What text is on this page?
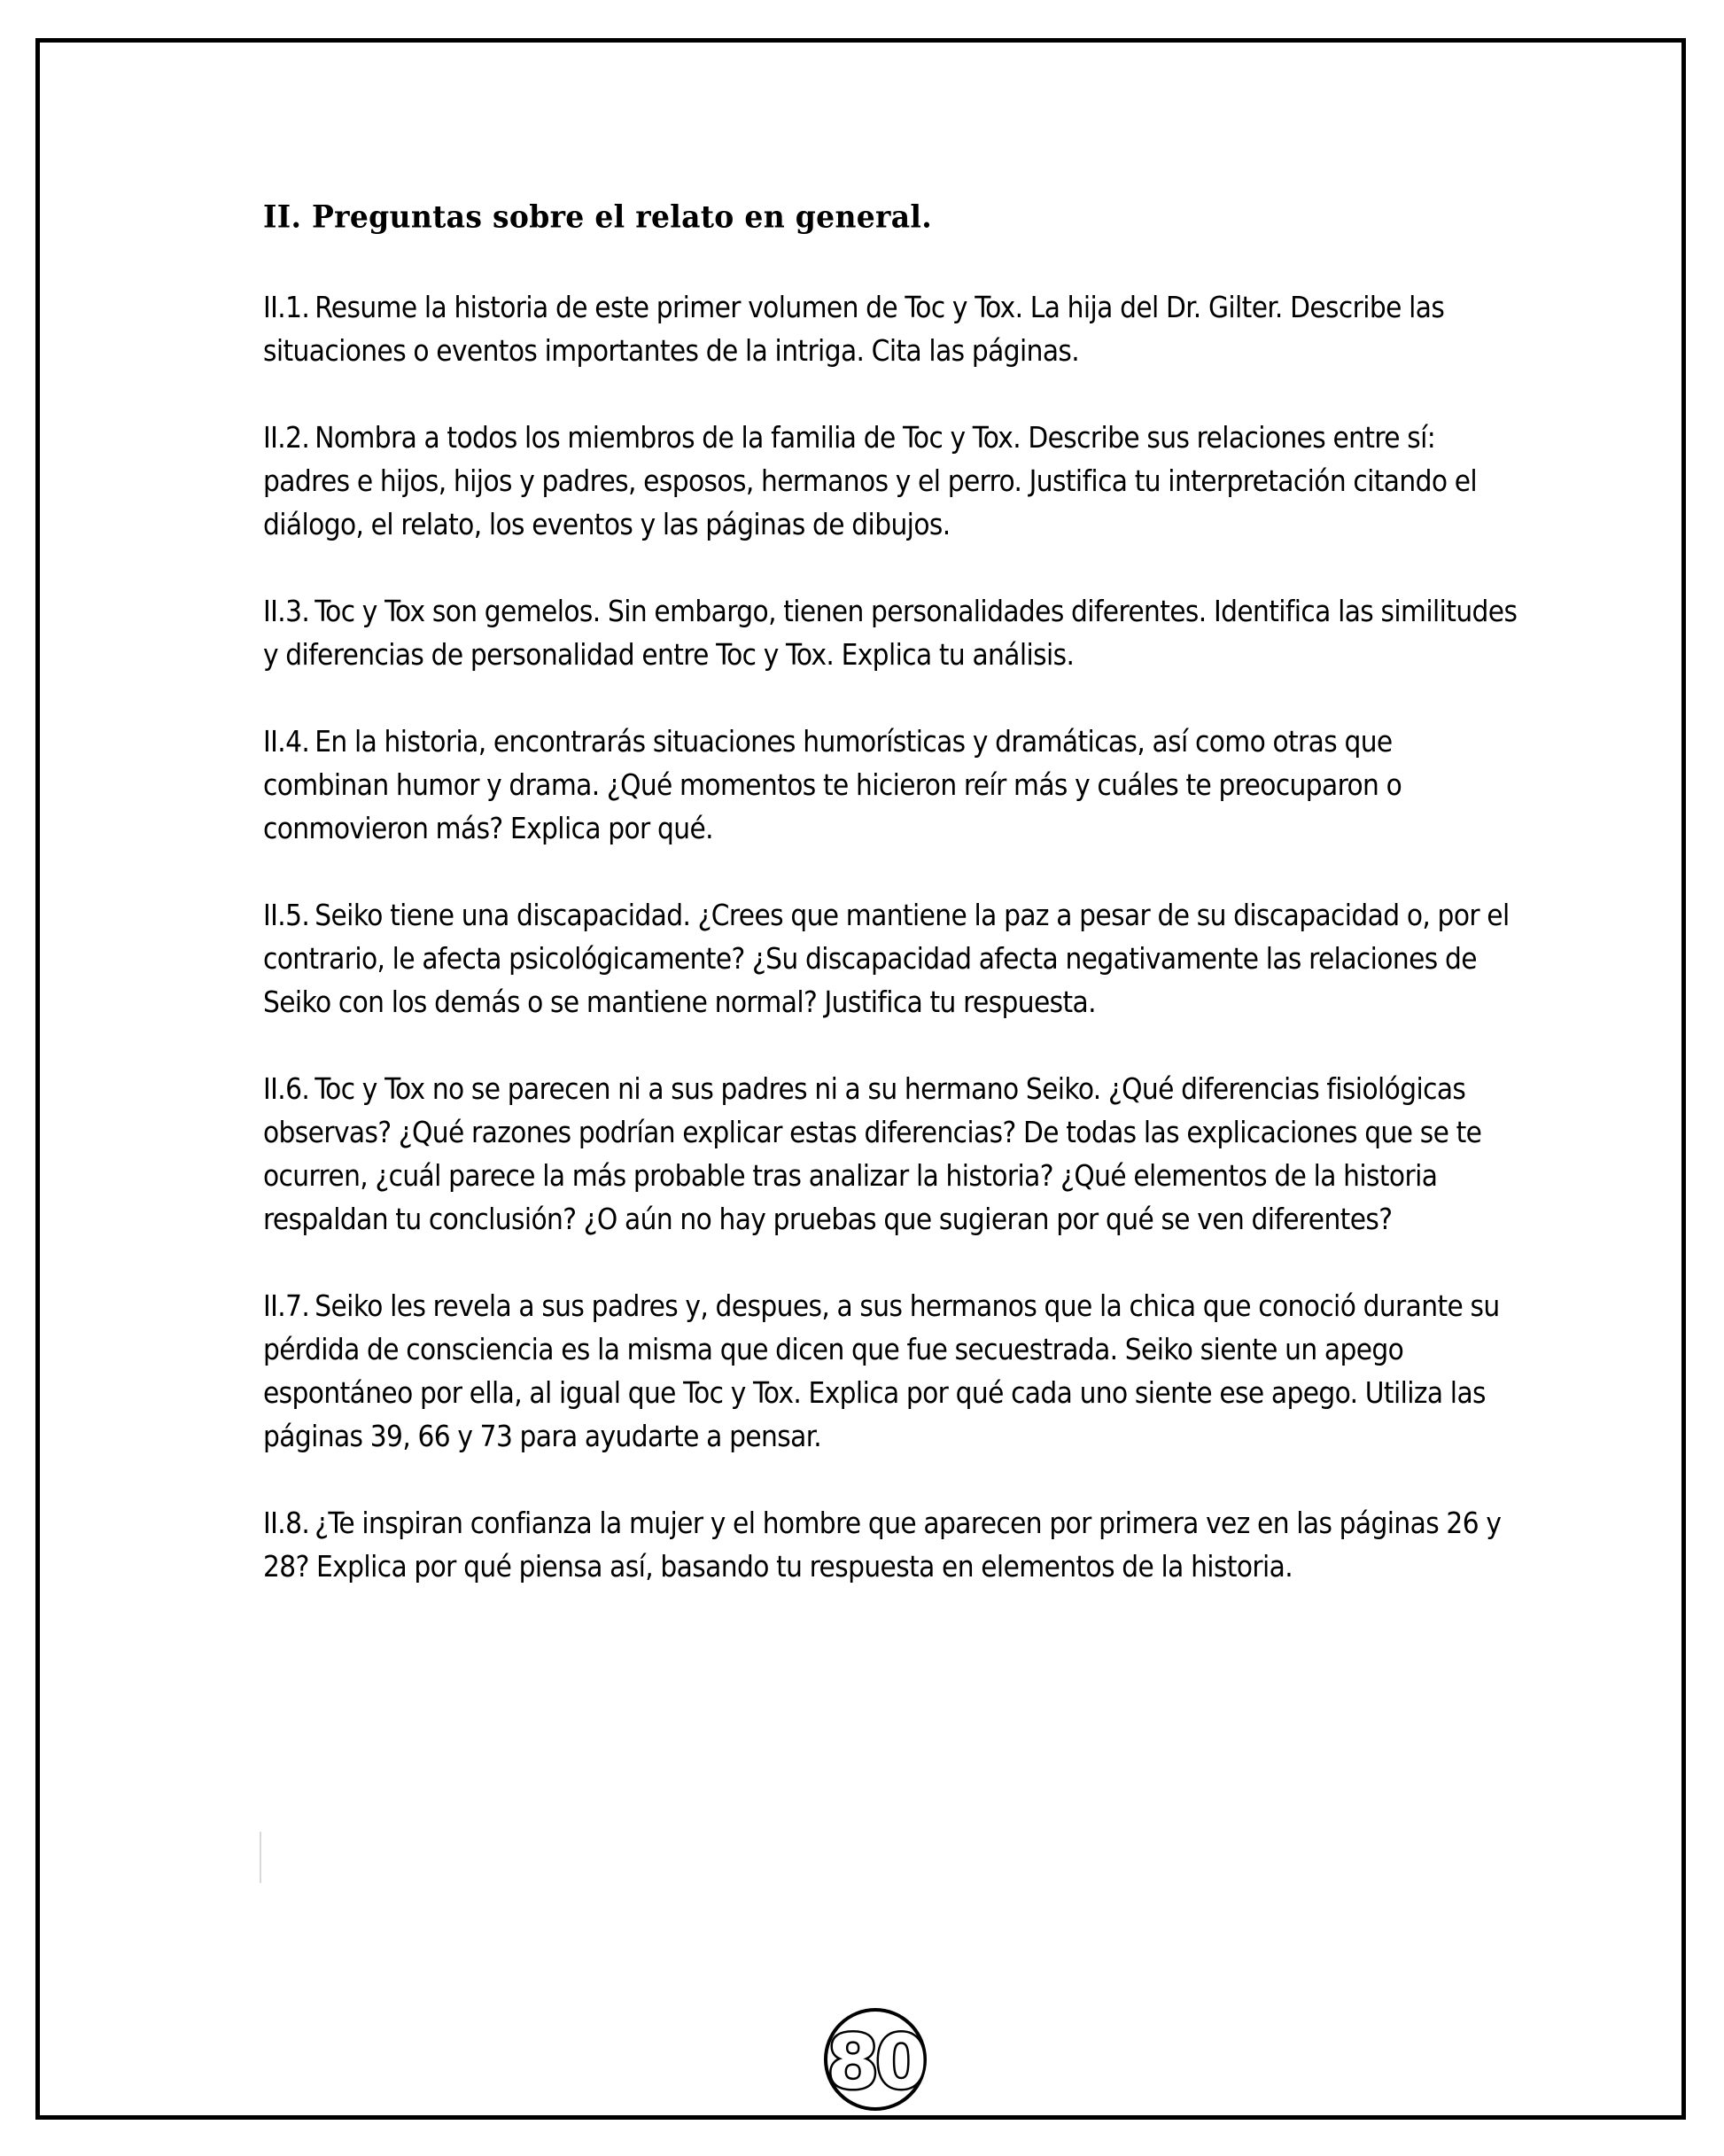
II. Preguntas sobre el relato en general.

II.1. Resume la historia de este primer volumen de Toc y Tox. La hija del Dr. Gilter. Describe las situaciones o eventos importantes de la intriga. Cita las páginas.

II.2. Nombra a todos los miembros de la familia de Toc y Tox. Describe sus relaciones entre sí: padres e hijos, hijos y padres, esposos, hermanos y el perro. Justifica tu interpretación citando el diálogo, el relato, los eventos y las páginas de dibujos.

II.3. Toc y Tox son gemelos. Sin embargo, tienen personalidades diferentes. Identifica las similitudes y diferencias de personalidad entre Toc y Tox. Explica tu análisis.

II.4. En la historia, encontrarás situaciones humorísticas y dramáticas, así como otras que combinan humor y drama. ¿Qué momentos te hicieron reír más y cuáles te preocuparon o conmovieron más? Explica por qué.

II.5. Seiko tiene una discapacidad. ¿Crees que mantiene la paz a pesar de su discapacidad o, por el contrario, le afecta psicológicamente? ¿Su discapacidad afecta negativamente las relaciones de Seiko con los demás o se mantiene normal? Justifica tu respuesta.

II.6. Toc y Tox no se parecen ni a sus padres ni a su hermano Seiko. ¿Qué diferencias fisiológicas observas? ¿Qué razones podrían explicar estas diferencias? De todas las explicaciones que se te ocurren, ¿cuál parece la más probable tras analizar la historia? ¿Qué elementos de la historia respaldan tu conclusión? ¿O aún no hay pruebas que sugieran por qué se ven diferentes?

II.7. Seiko les revela a sus padres y, despues, a sus hermanos que la chica que conoció durante su pérdida de consciencia es la misma que dicen que fue secuestrada. Seiko siente un apego espontáneo por ella, al igual que Toc y Tox. Explica por qué cada uno siente ese apego. Utiliza las páginas 39, 66 y 73 para ayudarte a pensar.

II.8. ¿Te inspiran confianza la mujer y el hombre que aparecen por primera vez en las páginas 26 y 28? Explica por qué piensa así, basando tu respuesta en elementos de la historia.

80
